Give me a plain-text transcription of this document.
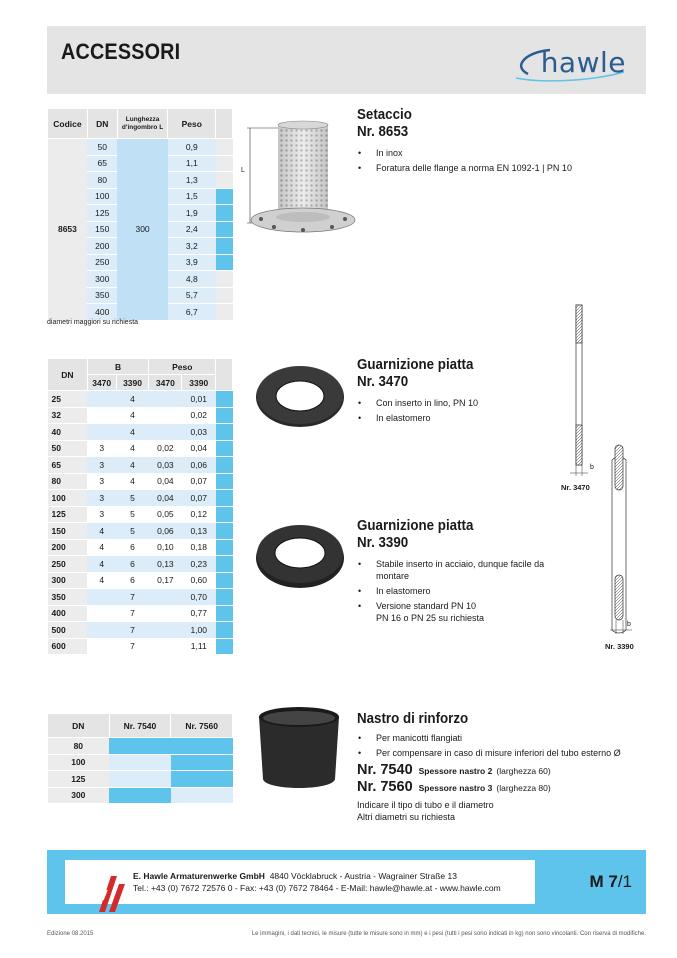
ACCESSORI	hawle
Codice	DN	Lunghezza d'ingombro L	Peso	
8653	50	300	0,9	
	65		1,1	
	80		1,3	
	100		1,5	
	125		1,9	
	150		2,4	
	200		3,2	
	250		3,9	
	300		4,8	
	350		5,7	
	400		6,7	
diametri maggiori su richiesta
DN	B		Peso		
	3470	3390	3470	3390	
25		4		0,01	
32		4		0,02	
40		4		0,03	
50	3	4	0,02	0,04	
65	3	4	0,03	0,06	
80	3	4	0,04	0,07	
100	3	5	0,04	0,07	
125	3	5	0,05	0,12	
150	4	5	0,06	0,13	
200	4	6	0,10	0,18	
250	4	6	0,13	0,23	
300	4	6	0,17	0,60	
350		7		0,70	
400		7		0,77	
500		7		1,00	
600		7		1,11	
DN	Nr. 7540	Nr. 7560
80		
100		
125		
300		
L
Setaccio
Nr. 8653
• In inox
• Foratura delle flange a norma EN 1092-1 | PN 10
Guarnizione piatta
Nr. 3470
• Con inserto in lino, PN 10
• In elastomero
Guarnizione piatta
Nr. 3390
• Stabile inserto in acciaio, dunque facile da montare
• In elastomero
• Versione standard PN 10
PN 16 o PN 25 su richiesta
b
b
Nr. 3470
Nr. 3390
Nastro di rinforzo
• Per manicotti flangiati
• Per compensare in caso di misure inferiori del tubo esterno Ø
Nr. 7540 Spessore nastro 2 (larghezza 60)
Nr. 7560 Spessore nastro 3 (larghezza 80)
Indicare il tipo di tubo e il diametro
Altri diametri su richiesta
AUSTRIA
E. Hawle Armaturenwerke GmbH 4840 Vöcklabruck - Austria - Wagrainer Straße 13
Tel.: +43 (0) 7672 72576 0 - Fax: +43 (0) 7672 78464 - E-Mail: hawle@hawle.at - www.hawle.com	M 7/1
Edizione 08.2015	Le immagini, i dati tecnici, le misure (tutte le misure sono in mm) e i pesi (tutti i pesi sono indicati in kg) non sono vincolanti. Con riserva di modifiche.
